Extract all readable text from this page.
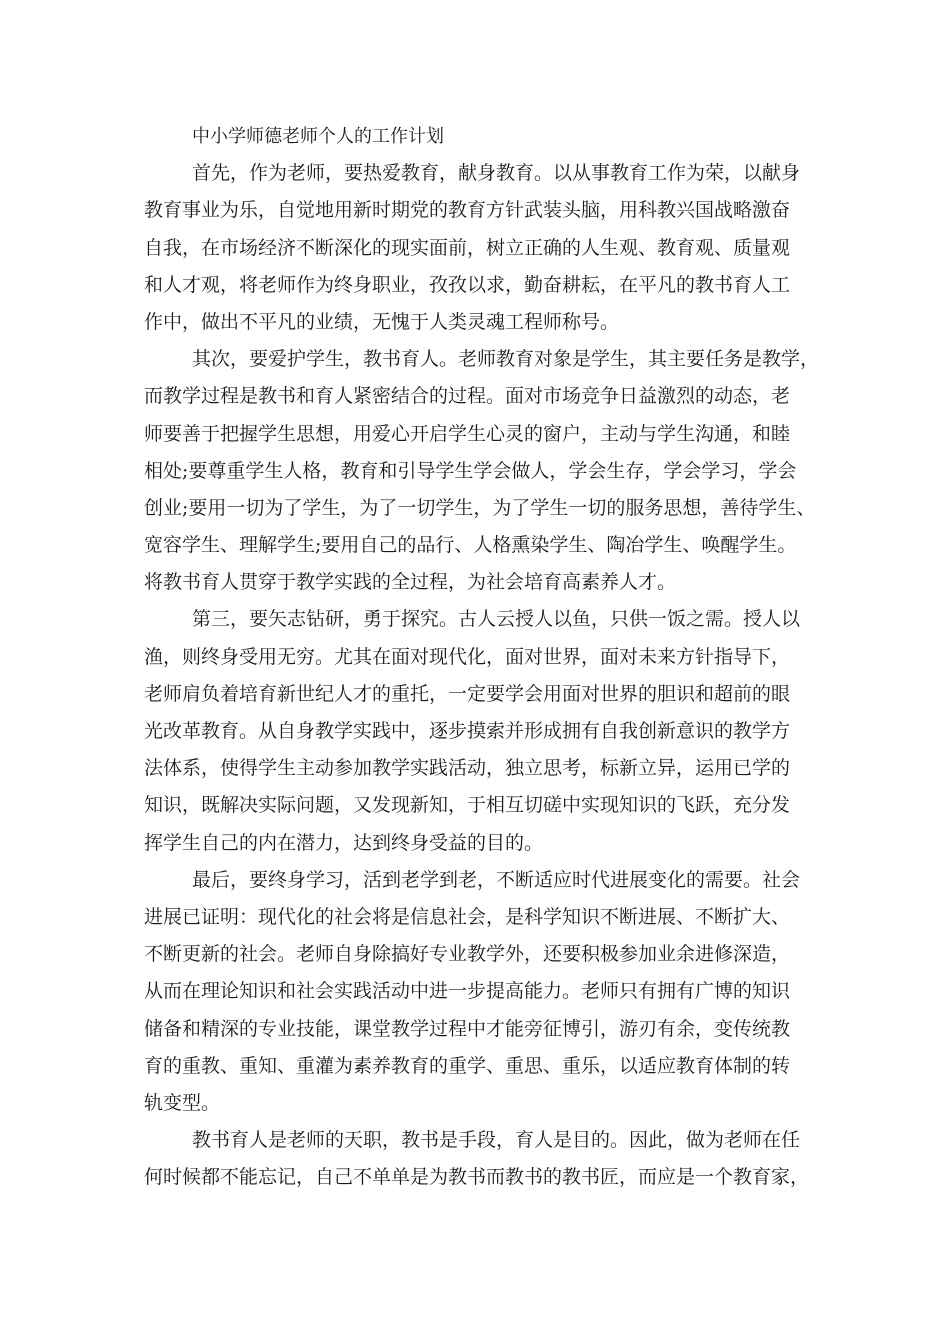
中小学师德老师个人的工作计划
首先，作为老师，要热爱教育，献身教育。以从事教育工作为荣，以献身
教育事业为乐，自觉地用新时期党的教育方针武装头脑，用科教兴国战略激奋
自我，在市场经济不断深化的现实面前，树立正确的人生观、教育观、质量观
和人才观，将老师作为终身职业，孜孜以求，勤奋耕耘，在平凡的教书育人工
作中，做出不平凡的业绩，无愧于人类灵魂工程师称号。
其次，要爱护学生，教书育人。老师教育对象是学生，其主要任务是教学，
而教学过程是教书和育人紧密结合的过程。面对市场竞争日益激烈的动态，老
师要善于把握学生思想，用爱心开启学生心灵的窗户，主动与学生沟通，和睦
相处;要尊重学生人格，教育和引导学生学会做人，学会生存，学会学习，学会
创业;要用一切为了学生，为了一切学生，为了学生一切的服务思想，善待学生、
宽容学生、理解学生;要用自己的品行、人格熏染学生、陶冶学生、唤醒学生。
将教书育人贯穿于教学实践的全过程，为社会培育高素养人才。
第三，要矢志钻研，勇于探究。古人云授人以鱼，只供一饭之需。授人以
渔，则终身受用无穷。尤其在面对现代化，面对世界，面对未来方针指导下，
老师肩负着培育新世纪人才的重托，一定要学会用面对世界的胆识和超前的眼
光改革教育。从自身教学实践中，逐步摸索并形成拥有自我创新意识的教学方
法体系，使得学生主动参加教学实践活动，独立思考，标新立异，运用已学的
知识，既解决实际问题，又发现新知，于相互切磋中实现知识的飞跃，充分发
挥学生自己的内在潜力，达到终身受益的目的。
最后，要终身学习，活到老学到老，不断适应时代进展变化的需要。社会
进展已证明：现代化的社会将是信息社会，是科学知识不断进展、不断扩大、
不断更新的社会。老师自身除搞好专业教学外，还要积极参加业余进修深造，
从而在理论知识和社会实践活动中进一步提高能力。老师只有拥有广博的知识
储备和精深的专业技能，课堂教学过程中才能旁征博引，游刃有余，变传统教
育的重教、重知、重灌为素养教育的重学、重思、重乐，以适应教育体制的转
轨变型。
教书育人是老师的天职，教书是手段，育人是目的。因此，做为老师在任
何时候都不能忘记，自己不单单是为教书而教书的教书匠，而应是一个教育家，
